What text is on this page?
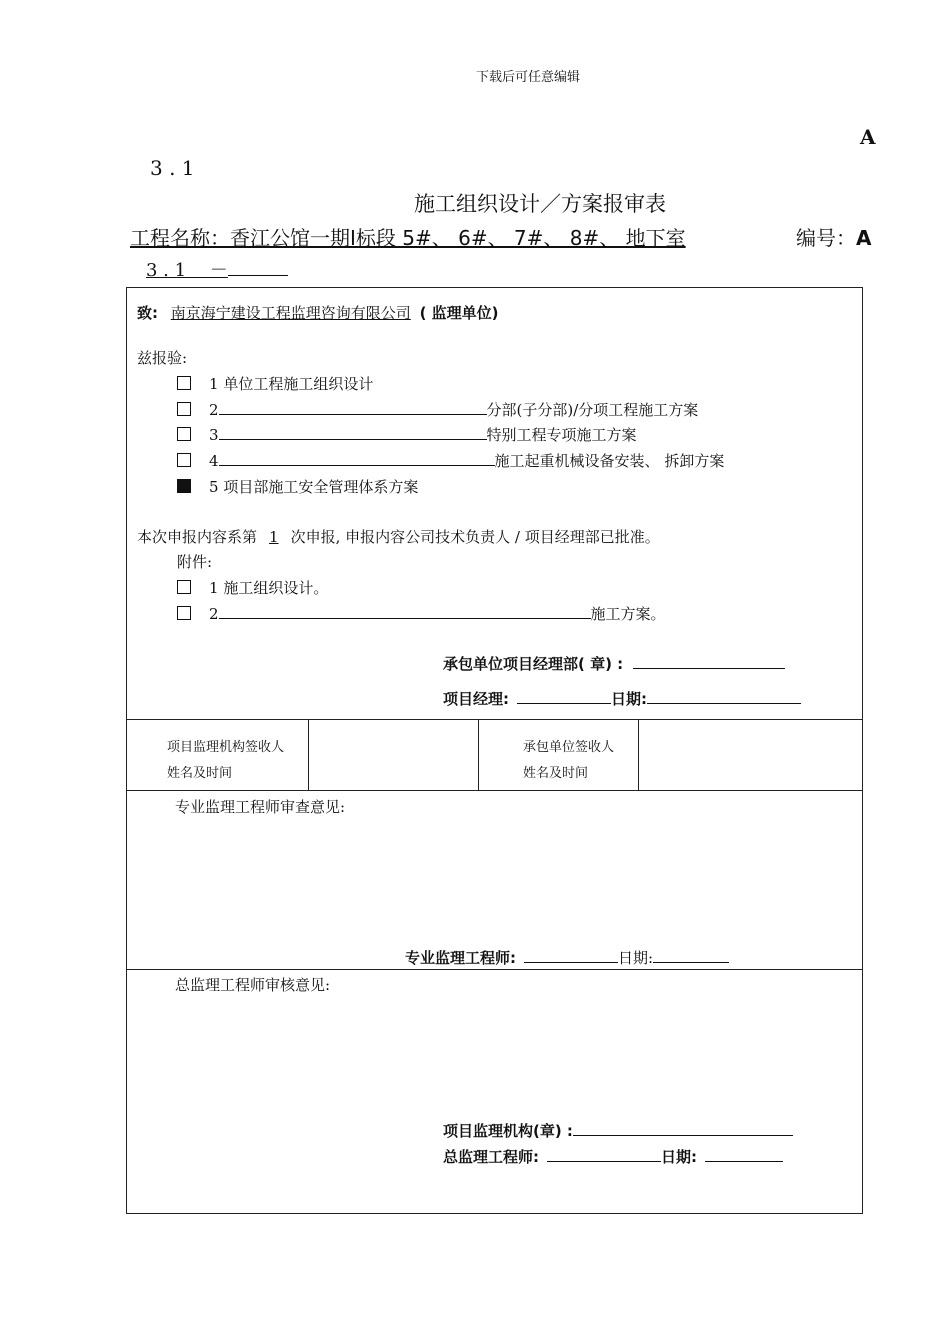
下载后可任意编辑
A
3 . 1
施工组织设计／方案报审表
工程名称：香江公馆一期Ⅰ标段 5#、 6#、 7#、 8#、 地下室	编号：A
3 . 1　 －
致: 南京海宁建设工程监理咨询有限公司 ( 监理单位)
兹报验:
1 单位工程施工组织设计
2	分部(子分部)/分项工程施工方案
3	特别工程专项施工方案
4	施工起重机械设备安装、 拆卸方案
5 项目部施工安全管理体系方案
本次申报内容系第 1 次申报, 申报内容公司技术负责人 / 项目经理部已批准。
附件:
1 施工组织设计。
2	施工方案。
承包单位项目经理部( 章) :
项目经理:	日期:
项目监理机构签收人
姓名及时间
承包单位签收人
姓名及时间
专业监理工程师审查意见:
专业监理工程师:	日期:
总监理工程师审核意见:
项目监理机构(章) :
总监理工程师:	日期:
